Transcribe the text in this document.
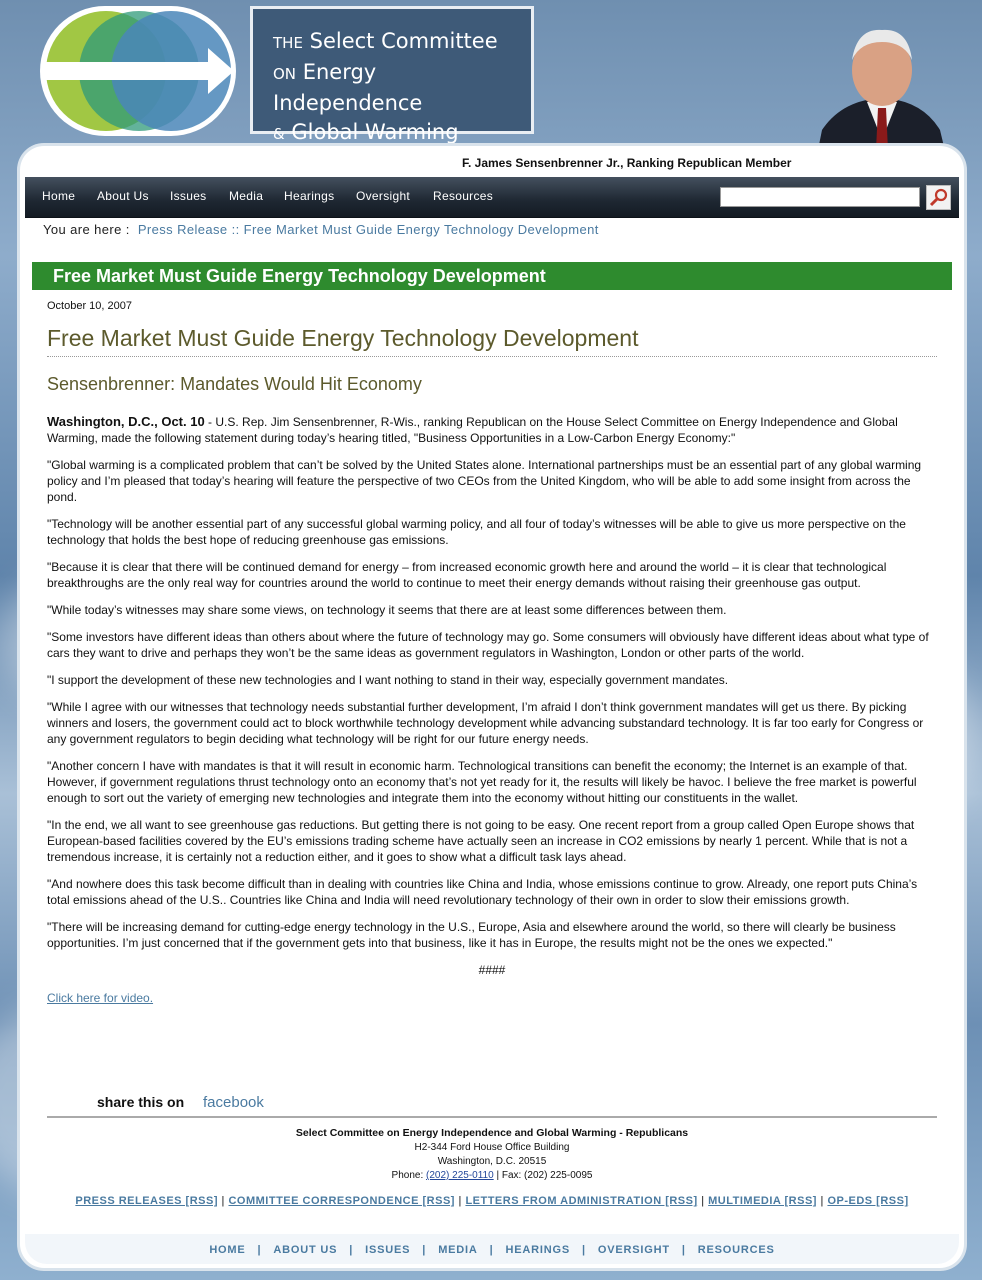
THE Select Committee
ON Energy Independence
& Global Warming
F. James Sensenbrenner Jr., Ranking Republican Member
Home About Us Issues Media Hearings Oversight Resources
You are here : Press Release :: Free Market Must Guide Energy Technology Development
Free Market Must Guide Energy Technology Development
October 10, 2007
Free Market Must Guide Energy Technology Development
Sensenbrenner: Mandates Would Hit Economy

Washington, D.C., Oct. 10 - U.S. Rep. Jim Sensenbrenner, R-Wis., ranking Republican on the House Select Committee on Energy Independence and Global Warming, made the following statement during today’s hearing titled, "Business Opportunities in a Low-Carbon Energy Economy:"

"Global warming is a complicated problem that can’t be solved by the United States alone. International partnerships must be an essential part of any global warming policy and I’m pleased that today’s hearing will feature the perspective of two CEOs from the United Kingdom, who will be able to add some insight from across the pond.

"Technology will be another essential part of any successful global warming policy, and all four of today’s witnesses will be able to give us more perspective on the technology that holds the best hope of reducing greenhouse gas emissions.

"Because it is clear that there will be continued demand for energy – from increased economic growth here and around the world – it is clear that technological breakthroughs are the only real way for countries around the world to continue to meet their energy demands without raising their greenhouse gas output.

"While today’s witnesses may share some views, on technology it seems that there are at least some differences between them.

"Some investors have different ideas than others about where the future of technology may go. Some consumers will obviously have different ideas about what type of cars they want to drive and perhaps they won’t be the same ideas as government regulators in Washington, London or other parts of the world.

"I support the development of these new technologies and I want nothing to stand in their way, especially government mandates.

"While I agree with our witnesses that technology needs substantial further development, I’m afraid I don’t think government mandates will get us there. By picking winners and losers, the government could act to block worthwhile technology development while advancing substandard technology. It is far too early for Congress or any government regulators to begin deciding what technology will be right for our future energy needs.

"Another concern I have with mandates is that it will result in economic harm. Technological transitions can benefit the economy; the Internet is an example of that. However, if government regulations thrust technology onto an economy that’s not yet ready for it, the results will likely be havoc. I believe the free market is powerful enough to sort out the variety of emerging new technologies and integrate them into the economy without hitting our constituents in the wallet.

"In the end, we all want to see greenhouse gas reductions. But getting there is not going to be easy. One recent report from a group called Open Europe shows that European-based facilities covered by the EU’s emissions trading scheme have actually seen an increase in CO2 emissions by nearly 1 percent. While that is not a tremendous increase, it is certainly not a reduction either, and it goes to show what a difficult task lays ahead.

"And nowhere does this task become difficult than in dealing with countries like China and India, whose emissions continue to grow. Already, one report puts China’s total emissions ahead of the U.S.. Countries like China and India will need revolutionary technology of their own in order to slow their emissions growth.

"There will be increasing demand for cutting-edge energy technology in the U.S., Europe, Asia and elsewhere around the world, so there will clearly be business opportunities. I’m just concerned that if the government gets into that business, like it has in Europe, the results might not be the ones we expected."

####
Click here for video.
share this on facebook
Select Committee on Energy Independence and Global Warming - Republicans
H2-344 Ford House Office Building
Washington, D.C. 20515
Phone: (202) 225-0110 | Fax: (202) 225-0095
PRESS RELEASES [RSS] | COMMITTEE CORRESPONDENCE [RSS] | LETTERS FROM ADMINISTRATION [RSS] | MULTIMEDIA [RSS] | OP-EDS [RSS]
HOME | ABOUT US | ISSUES | MEDIA | HEARINGS | OVERSIGHT | RESOURCES
